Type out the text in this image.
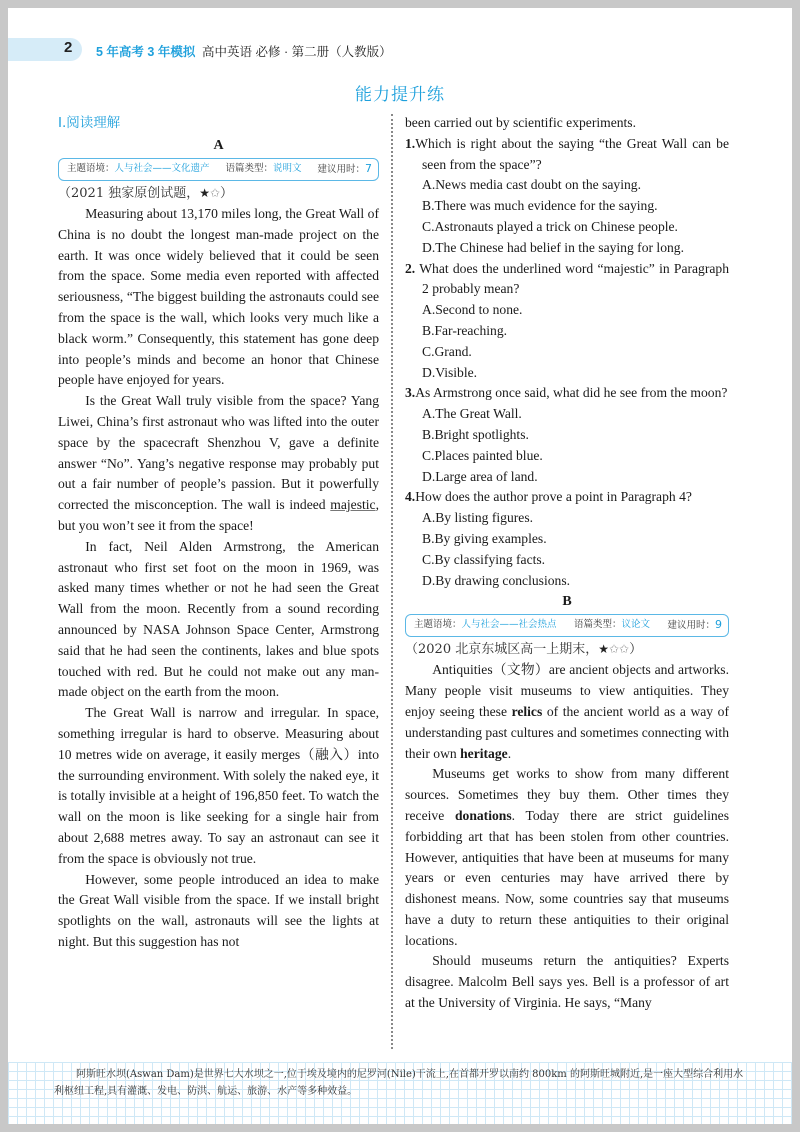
2 5 年高考 3 年模拟 高中英语 必修 · 第二册（人教版）
能力提升练
Ⅰ.阅读理解
A
主题语境：人与社会——文化遗产 语篇类型：说明文 建议用时：7
（2021 独家原创试题，★✩）

Measuring about 13,170 miles long, the Great Wall of China is no doubt the longest man-made project on the earth. It was once widely believed that it could be seen from the space. Some media even reported with affected seriousness, “The biggest building the astronauts could see from the space is the wall, which looks very much like a black worm.” Consequently, this statement has gone deep into people’s minds and become an honor that Chinese people have enjoyed for years.

Is the Great Wall truly visible from the space? Yang Liwei, China’s first astronaut who was lifted into the outer space by the spacecraft Shenzhou V, gave a definite answer “No”. Yang’s negative response may probably put out a fair number of people’s passion. But it powerfully corrected the misconception. The wall is indeed majestic, but you won’t see it from the space!

In fact, Neil Alden Armstrong, the American astronaut who first set foot on the moon in 1969, was asked many times whether or not he had seen the Great Wall from the moon. Recently from a sound recording announced by NASA Johnson Space Center, Armstrong said that he had seen the continents, lakes and blue spots touched with red. But he could not make out any man-made object on the earth from the moon.

The Great Wall is narrow and irregular. In space, something irregular is hard to observe. Measuring about 10 metres wide on average, it easily merges（融入）into the surrounding environment. With solely the naked eye, it is totally invisible at a height of 196,850 feet. To watch the wall on the moon is like seeking for a single hair from about 2,688 metres away. To say an astronaut can see it from the space is obviously not true.

However, some people introduced an idea to make the Great Wall visible from the space. If we install bright spotlights on the wall, astronauts will see the lights at night. But this suggestion has not

been carried out by scientific experiments.

1.Which is right about the saying “the Great Wall can be seen from the space”?

A.News media cast doubt on the saying.
B.There was much evidence for the saying.
C.Astronauts played a trick on Chinese people.
D.The Chinese had belief in the saying for long.

2. What does the underlined word “majestic” in Paragraph 2 probably mean?

A.Second to none.
B.Far-reaching.
C.Grand.
D.Visible.

3.As Armstrong once said, what did he see from the moon?

A.The Great Wall.
B.Bright spotlights.
C.Places painted blue.
D.Large area of land.

4.How does the author prove a point in Paragraph 4?

A.By listing figures.
B.By giving examples.
C.By classifying facts.
D.By drawing conclusions.
B
主题语境：人与社会——社会热点 语篇类型：议论文 建议用时：9
（2020 北京东城区高一上期末，★✩✩）

Antiquities（文物）are ancient objects and artworks. Many people visit museums to view antiquities. They enjoy seeing these relics of the ancient world as a way of understanding past cultures and sometimes connecting with their own heritage.

Museums get works to show from many different sources. Sometimes they buy them. Other times they receive donations. Today there are strict guidelines forbidding art that has been stolen from other countries. However, antiquities that have been at museums for many years or even centuries may have arrived there by dishonest means. Now, some countries say that museums have a duty to return these antiquities to their original locations.

Should museums return the antiquities? Experts disagree. Malcolm Bell says yes. Bell is a professor of art at the University of Virginia. He says, “Many

阿斯旺水坝(Aswan Dam)是世界七大水坝之一,位于埃及境内的尼罗河(Nile)干流上,在首都开罗以南约 800km 的阿斯旺城附近,是一座大型综合利用水利枢纽工程,具有灌溉、发电、防洪、航运、旅游、水产等多种效益。
